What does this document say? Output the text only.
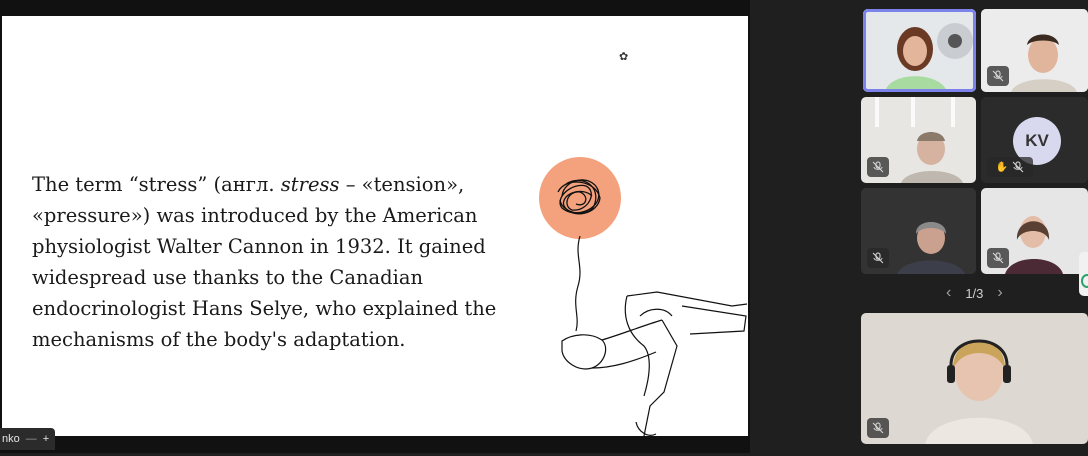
The term “stress” (англ. stress – «tension»,
«pressure») was introduced by the American
physiologist Walter Cannon in 1932. It gained
widespread use thanks to the Canadian
endocrinologist Hans Selye, who explained the
mechanisms of the body's adaptation.
✿
nko — +
KV
✋
‹ 1/3 ›
